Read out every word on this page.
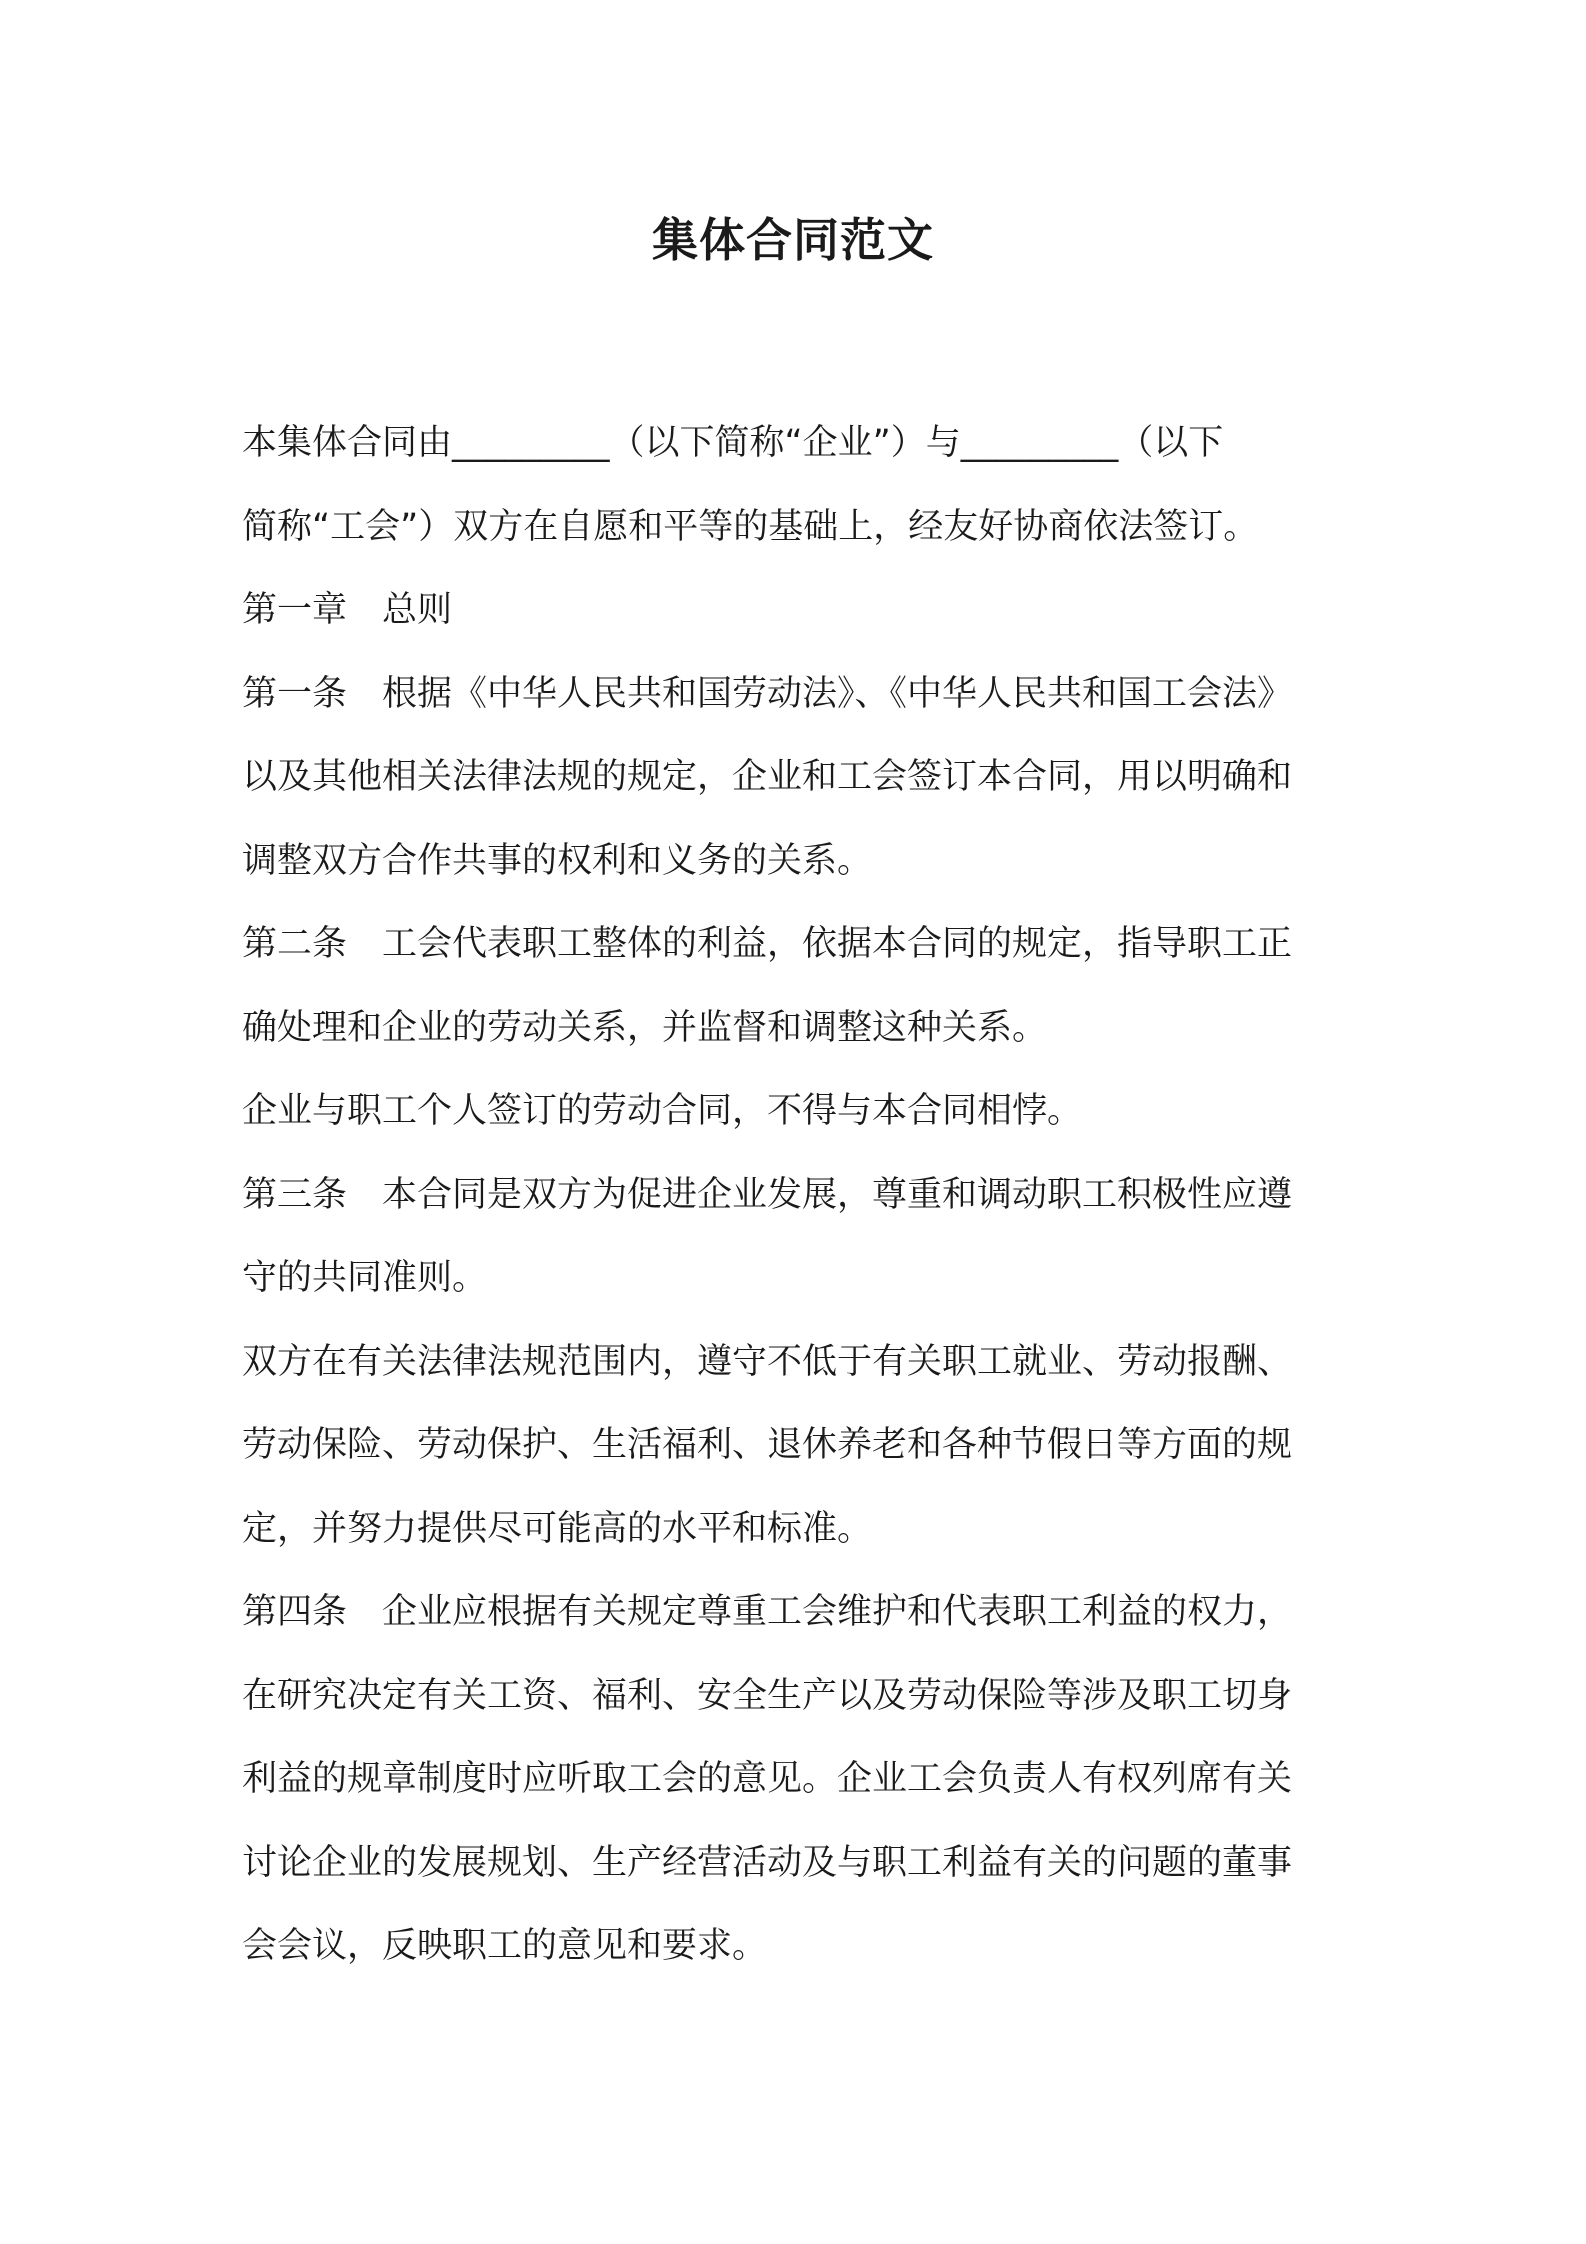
集体合同范文
本集体合同由_________（以下简称“企业”）与_________（以下
简称“工会”）双方在自愿和平等的基础上，经友好协商依法签订。
第一章　总则
第一条　根据《中华人民共和国劳动法》、《中华人民共和国工会法》
以及其他相关法律法规的规定，企业和工会签订本合同，用以明确和
调整双方合作共事的权利和义务的关系。
第二条　工会代表职工整体的利益，依据本合同的规定，指导职工正
确处理和企业的劳动关系，并监督和调整这种关系。
企业与职工个人签订的劳动合同，不得与本合同相悖。
第三条　本合同是双方为促进企业发展，尊重和调动职工积极性应遵
守的共同准则。
双方在有关法律法规范围内，遵守不低于有关职工就业、劳动报酬、
劳动保险、劳动保护、生活福利、退休养老和各种节假日等方面的规
定，并努力提供尽可能高的水平和标准。
第四条　企业应根据有关规定尊重工会维护和代表职工利益的权力，
在研究决定有关工资、福利、安全生产以及劳动保险等涉及职工切身
利益的规章制度时应听取工会的意见。企业工会负责人有权列席有关
讨论企业的发展规划、生产经营活动及与职工利益有关的问题的董事
会会议，反映职工的意见和要求。
